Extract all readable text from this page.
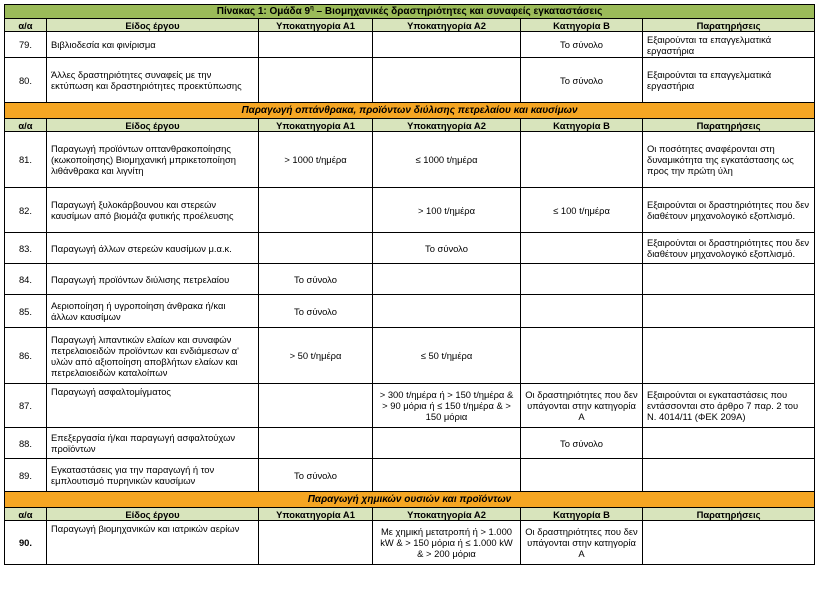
Πίνακας 1: Ομάδα $9^\eta$ – Βιομηχανικές δραστηριότητες και συναφείς εγκαταστάσεις					
α/α	Είδος έργου	Υποκατηγορία Α1	Υποκατηγορία Α2	Κατηγορία Β	Παρατηρήσεις
79.	Βιβλιοδεσία και φινίρισμα			Το σύνολο	Εξαιρούνται τα επαγγελματικά εργαστήρια
80.	Άλλες δραστηριότητες συναφείς με την εκτύπωση και δραστηριότητες προεκτύπωσης			Το σύνολο	Εξαιρούνται τα επαγγελματικά εργαστήρια
Παραγωγή οπτάνθρακα, προϊόντων διύλισης πετρελαίου και καυσίμων					
α/α	Είδος έργου	Υποκατηγορία Α1	Υποκατηγορία Α2	Κατηγορία Β	Παρατηρήσεις
81.	Παραγωγή προϊόντων οπτανθρακοποίησης (κωκοποίησης) Βιομηχανική μπρικετοποίηση λιθάνθρακα και λιγνίτη	> 1000 t/ημέρα	≤ 1000 t/ημέρα		Οι ποσότητες αναφέρονται στη δυναμικότητα της εγκατάστασης ως προς την πρώτη ύλη
82.	Παραγωγή ξυλοκάρβουνου και στερεών καυσίμων από βιομάζα φυτικής προέλευσης		> 100 t/ημέρα	≤ 100 t/ημέρα	Εξαιρούνται οι δραστηριότητες που δεν διαθέτουν μηχανολογικό εξοπλισμό.
83.	Παραγωγή άλλων στερεών καυσίμων μ.α.κ.		Το σύνολο		Εξαιρούνται οι δραστηριότητες που δεν διαθέτουν μηχανολογικό εξοπλισμό.
84.	Παραγωγή προϊόντων διύλισης πετρελαίου	Το σύνολο			
85.	Αεριοποίηση ή υγροποίηση άνθρακα ή/και άλλων καυσίμων	Το σύνολο			
86.	Παραγωγή λιπαντικών ελαίων και συναφών πετρελαιοειδών προϊόντων και ενδιάμεσων α' υλών από αξιοποίηση αποβλήτων ελαίων και πετρελαιοειδών καταλοίπων	> 50 t/ημέρα	≤ 50 t/ημέρα		
87.	Παραγωγή ασφαλτομίγματος		> 300 t/ημέρα ή > 150 t/ημέρα & > 90 μόρια ή ≤ 150 t/ημέρα & > 150 μόρια	Οι δραστηριότητες που δεν υπάγονται στην κατηγορία Α	Εξαιρούνται οι εγκαταστάσεις που εντάσσονται στο άρθρο 7 παρ. 2 του Ν. 4014/11 (ΦΕΚ 209Α)
88.	Επεξεργασία ή/και παραγωγή ασφαλτούχων προϊόντων			Το σύνολο	
89.	Εγκαταστάσεις για την παραγωγή ή τον εμπλουτισμό πυρηνικών καυσίμων	Το σύνολο			
Παραγωγή χημικών ουσιών και προϊόντων					
α/α	Είδος έργου	Υποκατηγορία Α1	Υποκατηγορία Α2	Κατηγορία Β	Παρατηρήσεις
90.	Παραγωγή βιομηχανικών και ιατρικών αερίων		Με χημική μετατροπή ή > 1.000 kW & > 150 μόρια ή ≤ 1.000 kW & > 200 μόρια	Οι δραστηριότητες που δεν υπάγονται στην κατηγορία Α	
